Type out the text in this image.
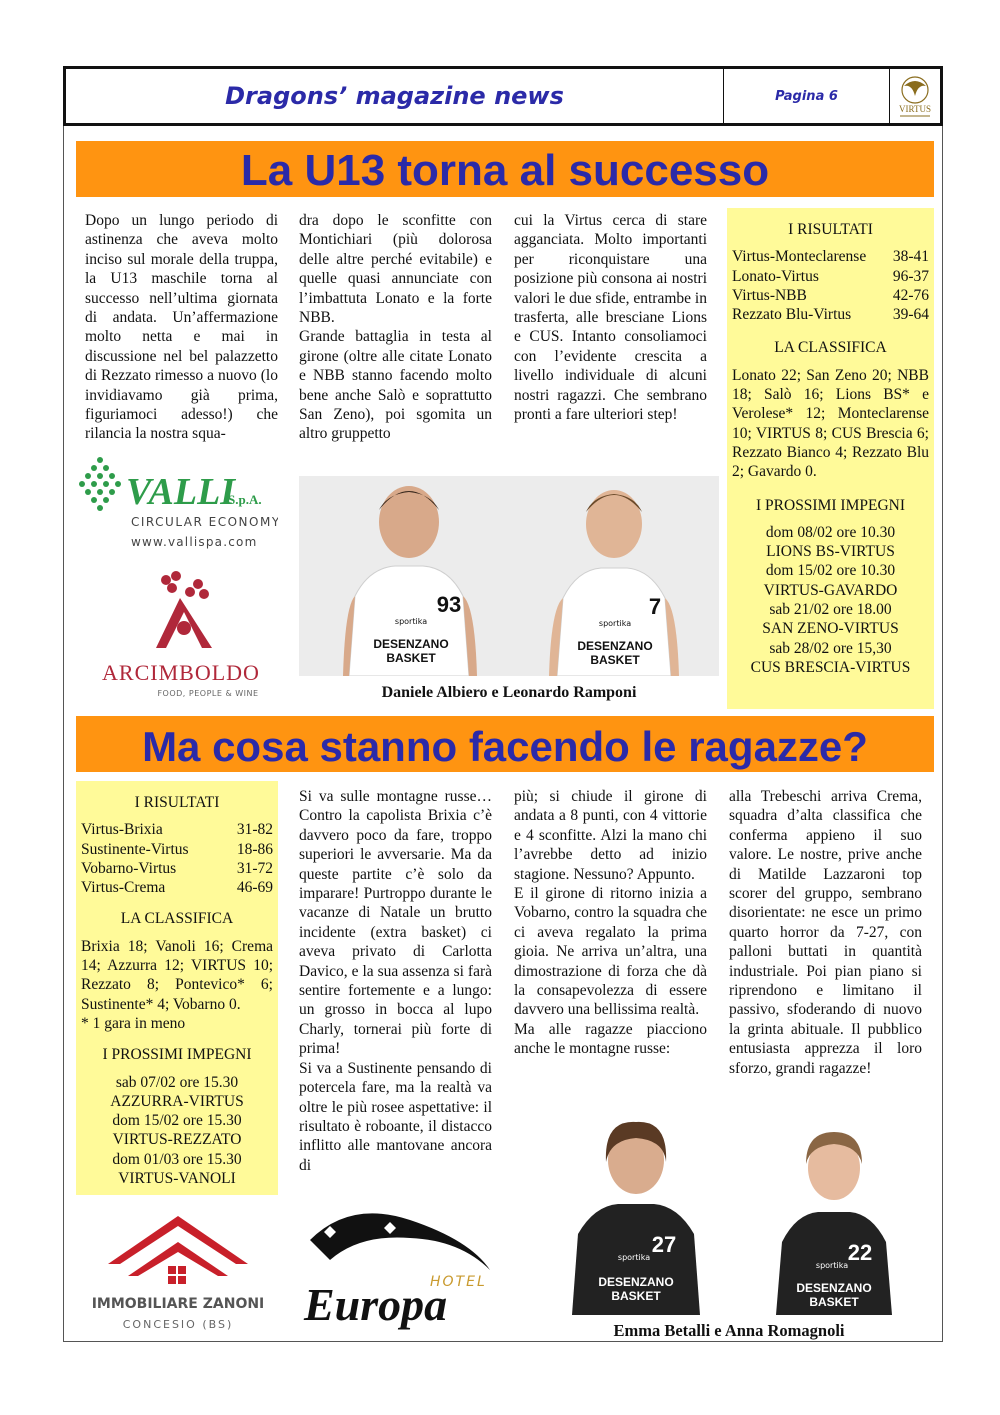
Dragons’ magazine news	Pagina 6
VIRTUS
La U13 torna al successo

Dopo un lungo periodo di astinenza che aveva molto inciso sul morale della truppa, la U13 maschile torna al successo nell’ultima giornata di andata. Un’affermazione molto netta e mai in discussione nel bel palazzetto di Rezzato rimesso a nuovo (lo invidiavamo già prima, figuriamoci adesso!) che rilancia la nostra squa-

dra dopo le sconfitte con Montichiari (più dolorosa delle altre perché evitabile) e quelle quasi annunciate con l’imbattuta Lonato e la forte NBB.

Grande battaglia in testa al girone (oltre alle citate Lonato e NBB stanno facendo molto bene anche Salò e soprattutto San Zeno), poi sgomita un altro gruppetto

cui la Virtus cerca di stare agganciata. Molto importanti per riconquistare una posizione più consona ai nostri valori le due sfide, entrambe in trasferta, alle bresciane Lions e CUS. Intanto consoliamoci con l’evidente crescita a livello individuale di alcuni nostri ragazzi. Che sembrano pronti a fare ulteriori step!

I RISULTATI
Virtus-Monteclarense 38-41
Lonato-Virtus	96-37
Virtus-NBB	42-76
Rezzato Blu-Virtus	39-64
LA CLASSIFICA
Lonato 22; San Zeno 20; NBB 18; Salò 16; Lions BS* e Verolese* 12; Monteclarense 10; VIRTUS 8; CUS Brescia 6; Rezzato Bianco 4; Rezzato Blu 2; Gavardo 0.
I PROSSIMI IMPEGNI
dom 08/02 ore 10.30
LIONS BS-VIRTUS
dom 15/02 ore 10.30
VIRTUS-GAVARDO
sab 21/02 ore 18.00
SAN ZENO-VIRTUS
sab 28/02 ore 15,30
CUS BRESCIA-VIRTUS
VALLI
S.p.A.
CIRCULAR ECONOMY
www.vallispa.com
ARCIMBOLDO
FOOD, PEOPLE & WINE
93
sportika
DESENZANO
BASKET
7
sportika
DESENZANO
BASKET
Daniele Albiero e Leonardo Ramponi
Ma cosa stanno facendo le ragazze?
I RISULTATI
Virtus-Brixia	31-82
Sustinente-Virtus	18-86
Vobarno-Virtus	31-72
Virtus-Crema	46-69
LA CLASSIFICA
Brixia 18; Vanoli 16; Crema 14; Azzurra 12; VIRTUS 10; Rezzato 8; Pontevico* 6; Sustinente* 4; Vobarno 0.
* 1 gara in meno
I PROSSIMI IMPEGNI
sab 07/02 ore 15.30
AZZURRA-VIRTUS
dom 15/02 ore 15.30
VIRTUS-REZZATO
dom 01/03 ore 15.30
VIRTUS-VANOLI

Si va sulle montagne russe… Contro la capolista Brixia c’è davvero poco da fare, troppo superiori le avversarie. Ma da queste partite c’è solo da imparare! Purtroppo durante le vacanze di Natale un brutto incidente (extra basket) ci aveva privato di Carlotta Davico, e la sua assenza si farà sentire fortemente e a lungo: un grosso in bocca al lupo Charly, tornerai più forte di prima!

Si va a Sustinente pensando di potercela fare, ma la realtà va oltre le più rosee aspettative: il risultato è roboante, il distacco inflitto alle mantovane ancora di

più; si chiude il girone di andata a 8 punti, con 4 vittorie e 4 sconfitte. Alzi la mano chi l’avrebbe detto ad inizio stagione. Nessuno? Appunto.

E il girone di ritorno inizia a Vobarno, contro la squadra che ci aveva regalato la prima gioia. Ne arriva un’altra, una dimostrazione di forza che dà la consapevolezza di essere davvero una bellissima realtà.

Ma alle ragazze piacciono anche le montagne russe:

alla Trebeschi arriva Crema, squadra d’alta classifica che conferma appieno il suo valore. Le nostre, prive anche di Matilde Lazzaroni top scorer del gruppo, sembrano disorientate: ne esce un primo quarto horror da 7-27, con palloni buttati in quantità industriale. Poi pian piano si riprendono e limitano il passivo, sfoderando di nuovo la grinta abituale. Il pubblico entusiasta apprezza il loro sforzo, grandi ragazze!

IMMOBILIARE ZANONI
CONCESIO (BS)
HOTEL
Europa
27
sportika
DESENZANO
BASKET
22
sportika
DESENZANO
BASKET
Emma Betalli e Anna Romagnoli
